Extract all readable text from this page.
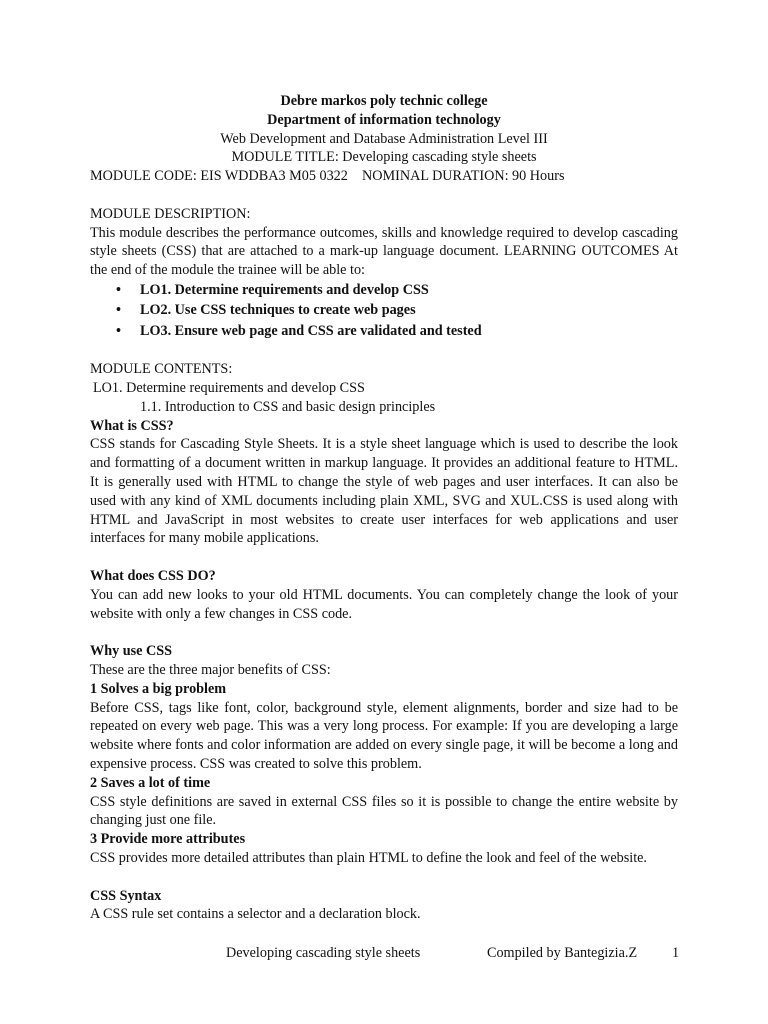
Debre markos poly technic college
Department of information technology
Web Development and Database Administration Level III
MODULE TITLE: Developing cascading style sheets
MODULE CODE: EIS WDDBA3 M05 0322    NOMINAL DURATION: 90 Hours
MODULE DESCRIPTION:
This module describes the performance outcomes, skills and knowledge required to develop cascading style sheets (CSS) that are attached to a mark-up language document. LEARNING OUTCOMES At the end of the module the trainee will be able to:
• LO1. Determine requirements and develop CSS
• LO2. Use CSS techniques to create web pages
• LO3. Ensure web page and CSS are validated and tested
MODULE CONTENTS:
LO1. Determine requirements and develop CSS
1.1. Introduction to CSS and basic design principles
What is CSS?
CSS stands for Cascading Style Sheets. It is a style sheet language which is used to describe the look and formatting of a document written in markup language. It provides an additional feature to HTML. It is generally used with HTML to change the style of web pages and user interfaces. It can also be used with any kind of XML documents including plain XML, SVG and XUL.CSS is used along with HTML and JavaScript in most websites to create user interfaces for web applications and user interfaces for many mobile applications.
What does CSS DO?
You can add new looks to your old HTML documents. You can completely change the look of your website with only a few changes in CSS code.
Why use CSS
These are the three major benefits of CSS:
1 Solves a big problem
Before CSS, tags like font, color, background style, element alignments, border and size had to be repeated on every web page. This was a very long process. For example: If you are developing a large website where fonts and color information are added on every single page, it will be become a long and expensive process. CSS was created to solve this problem.
2 Saves a lot of time
CSS style definitions are saved in external CSS files so it is possible to change the entire website by changing just one file.
3 Provide more attributes
CSS provides more detailed attributes than plain HTML to define the look and feel of the website.
CSS Syntax
A CSS rule set contains a selector and a declaration block.
Developing cascading style sheets	Compiled by Bantegizia.Z 1
